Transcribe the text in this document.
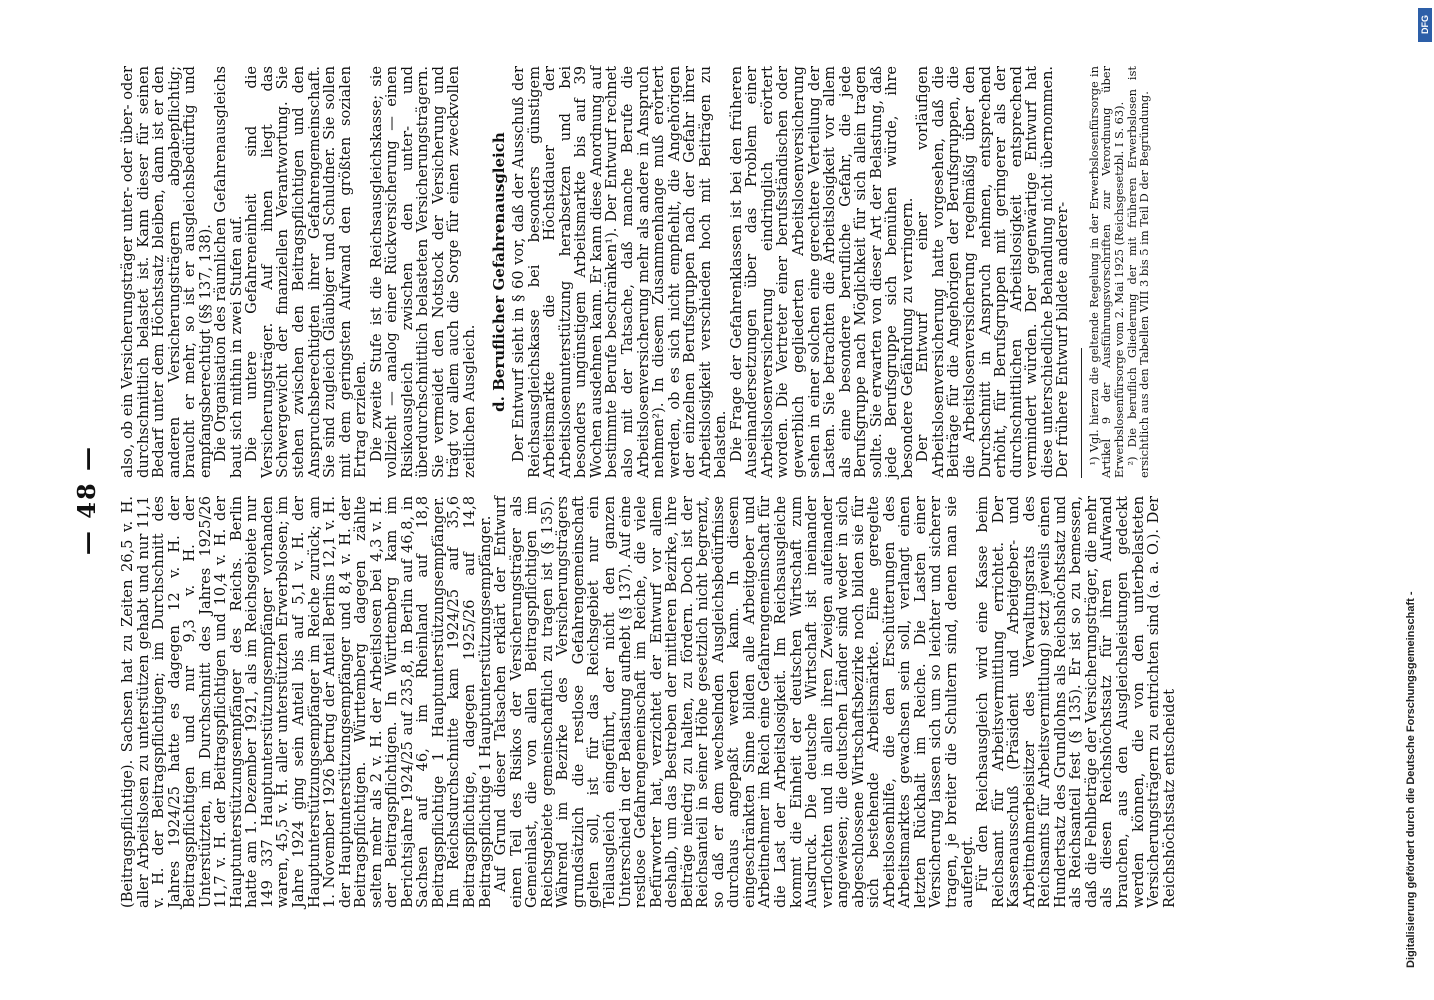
— 48 — (Beitragspflichtige). Sachsen hat zu Zeiten 26,5 v. H. aller Arbeitslosen zu unterstützen gehabt und nur 11,1 v. H. der Beitragspflichtigen; im Durchschnitt des Jahres 1924/25 hatte es dagegen 12 v. H. der Beitragspflichtigen und nur 9,3 v. H. der Unterstützten, im Durchschnitt des Jahres 1925/26 11,7 v. H. der Beitragspflichtigen und 10,4 v. H. der Hauptunterstützungsempfänger des Reichs. Berlin hatte am 1. Dezember 1921, als im Reichsgebiete nur 149 337 Hauptunterstützungsempfänger vorhanden waren, 45,5 v. H. aller unterstützten Erwerbslosen; im Jahre 1924 ging sein Anteil bis auf 5,1 v. H. der Hauptunterstützungsempfänger im Reiche zurück; am 1. November 1926 betrug der Anteil Berlins 12,1 v. H. der Hauptunterstützungsempfänger und 8,4 v. H. der Beitragspflichtigen. Württemberg dagegen zählte selten mehr als 2 v. H. der Arbeitslosen bei 4,3 v. H. der Beitragspflichtigen. In Württemberg kam im Berichtsjahre 1924/25 auf 235,8, in Berlin auf 46,8, in Sachsen auf 46, im Rheinland auf 18,8 Beitragspflichtige 1 Hauptunterstützungsempfänger. Im Reichsdurchschnitte kam 1924/25 auf 35,6 Beitragspflichtige, dagegen 1925/26 auf 14,8 Beitragspflichtige 1 Hauptunterstützungsempfänger.

Auf Grund dieser Tatsachen erklärt der Entwurf einen Teil des Risikos der Versicherungsträger als Gemeinlast, die von allen Beitragspflichtigen im Reichsgebiete gemeinschaftlich zu tragen ist (§ 135). Während im Bezirke des Versicherungsträgers grundsätzlich die restlose Gefahrengemeinschaft gelten soll, ist für das Reichsgebiet nur ein Teilausgleich eingeführt, der nicht den ganzen Unterschied in der Belastung aufhebt (§ 137). Auf eine restlose Gefahrengemeinschaft im Reiche, die viele Befürworter hat, verzichtet der Entwurf vor allem deshalb, um das Bestreben der mittleren Bezirke, ihre Beiträge niedrig zu halten, zu fördern. Doch ist der Reichsanteil in seiner Höhe gesetzlich nicht begrenzt, so daß er dem wechselnden Ausgleichsbedürfnisse durchaus angepaßt werden kann. In diesem eingeschränkten Sinne bilden alle Arbeitgeber und Arbeitnehmer im Reich eine Gefahrengemeinschaft für die Last der Arbeitslosigkeit. Im Reichsausgleiche kommt die Einheit der deutschen Wirtschaft zum Ausdruck. Die deutsche Wirtschaft ist ineinander verflochten und in allen ihren Zweigen aufeinander angewiesen; die deutschen Länder sind weder in sich abgeschlossene Wirtschaftsbezirke noch bilden sie für sich bestehende Arbeitsmärkte. Eine geregelte Arbeitslosenhilfe, die den Erschütterungen des Arbeitsmarktes gewachsen sein soll, verlangt einen letzten Rückhalt im Reiche. Die Lasten einer Versicherung lassen sich um so leichter und sicherer tragen, je breiter die Schultern sind, denen man sie auferlegt.

Für den Reichsausgleich wird eine Kasse beim Reichsamt für Arbeitsvermittlung errichtet. Der Kassenausschuß (Präsident und Arbeitgeber- und Arbeitnehmerbeisitzer des Verwaltungsrats des Reichsamts für Arbeitsvermittlung) setzt jeweils einen Hundertsatz des Grundlohns als Reichshöchstsatz und als Reichsanteil fest (§ 135). Er ist so zu bemessen, daß die Fehlbeträge der Versicherungsträger, die mehr als diesen Reichshöchstsatz für ihren Aufwand brauchen, aus den Ausgleichsleistungen gedeckt werden können, die von den unterbelasteten Versicherungsträgern zu entrichten sind (a. a. O.). Der Reichshöchstsatz entscheidet

also, ob ein Versicherungsträger unter- oder über- oder durchschnittlich belastet ist. Kann dieser für seinen Bedarf unter dem Höchstsatz bleiben, dann ist er den anderen Versicherungsträgern abgabepflichtig; braucht er mehr, so ist er ausgleichsbedürftig und empfangsberechtigt (§§ 137, 138).

Die Organisation des räumlichen Gefahrenausgleichs baut sich mithin in zwei Stufen auf.

Die untere Gefahreneinheit sind die Versicherungsträger. Auf ihnen liegt das Schwergewicht der finanziellen Verantwortung. Sie stehen zwischen den Beitragspflichtigen und den Anspruchsberechtigten ihrer Gefahrengemeinschaft. Sie sind zugleich Gläubiger und Schuldner. Sie sollen mit dem geringsten Aufwand den größten sozialen Ertrag erzielen.

Die zweite Stufe ist die Reichsausgleichskasse; sie vollzieht — analog einer Rückversicherung — einen Risikoausgleich zwischen den unter- und überdurchschnittlich belasteten Versicherungsträgern. Sie vermeidet den Notstock der Versicherung und trägt vor allem auch die Sorge für einen zweckvollen zeitlichen Ausgleich. d. Beruflicher Gefahrenausgleich Der Entwurf sieht in § 60 vor, daß der Ausschuß der Reichsausgleichskasse bei besonders günstigem Arbeitsmarkte die Höchstdauer der Arbeitslosenunterstützung herabsetzen und bei besonders ungünstigem Arbeitsmarkte bis auf 39 Wochen ausdehnen kann. Er kann diese Anordnung auf bestimmte Berufe beschränken¹). Der Entwurf rechnet also mit der Tatsache, daß manche Berufe die Arbeitslosenversicherung mehr als andere in Anspruch nehmen²). In diesem Zusammenhange muß erörtert werden, ob es sich nicht empfiehlt, die Angehörigen der einzelnen Berufsgruppen nach der Gefahr ihrer Arbeitslosigkeit verschieden hoch mit Beiträgen zu belasten.

Die Frage der Gefahrenklassen ist bei den früheren Auseinandersetzungen über das Problem einer Arbeitslosenversicherung eindringlich erörtert worden. Die Vertreter einer berufsständischen oder gewerblich gegliederten Arbeitslosenversicherung sehen in einer solchen eine gerechtere Verteilung der Lasten. Sie betrachten die Arbeitslosigkeit vor allem als eine besondere berufliche Gefahr, die jede Berufsgruppe nach Möglichkeit für sich allein tragen sollte. Sie erwarten von dieser Art der Belastung, daß jede Berufsgruppe sich bemühen würde, ihre besondere Gefährdung zu verringern.

Der Entwurf einer vorläufigen Arbeitslosenversicherung hatte vorgesehen, daß die Beiträge für die Angehörigen der Berufsgruppen, die die Arbeitslosenversicherung regelmäßig über den Durchschnitt in Anspruch nehmen, entsprechend erhöht, für Berufsgruppen mit geringerer als der durchschnittlichen Arbeitslosigkeit entsprechend vermindert würden. Der gegenwärtige Entwurf hat diese unterschiedliche Behandlung nicht übernommen. Der frühere Entwurf bildete anderer- ¹) Vgl. hierzu die geltende Regelung in der Erwerbslosenfürsorge in Artikel 9 der Ausführungsvorschriften zur Verordnung über Erwerbslosenfürsorge vom 2. Mai 1925 (Reichsgesetzbl. I S. 63).

²) Die beruflich Gliederung der mit früheren Erwerbslosen ist ersichtlich aus den Tabellen VIII 3 bis 5 im Teil D der Begründung.

Digitalisierung gefördert durch die Deutsche Forschungsgemeinschaft -
DFG
